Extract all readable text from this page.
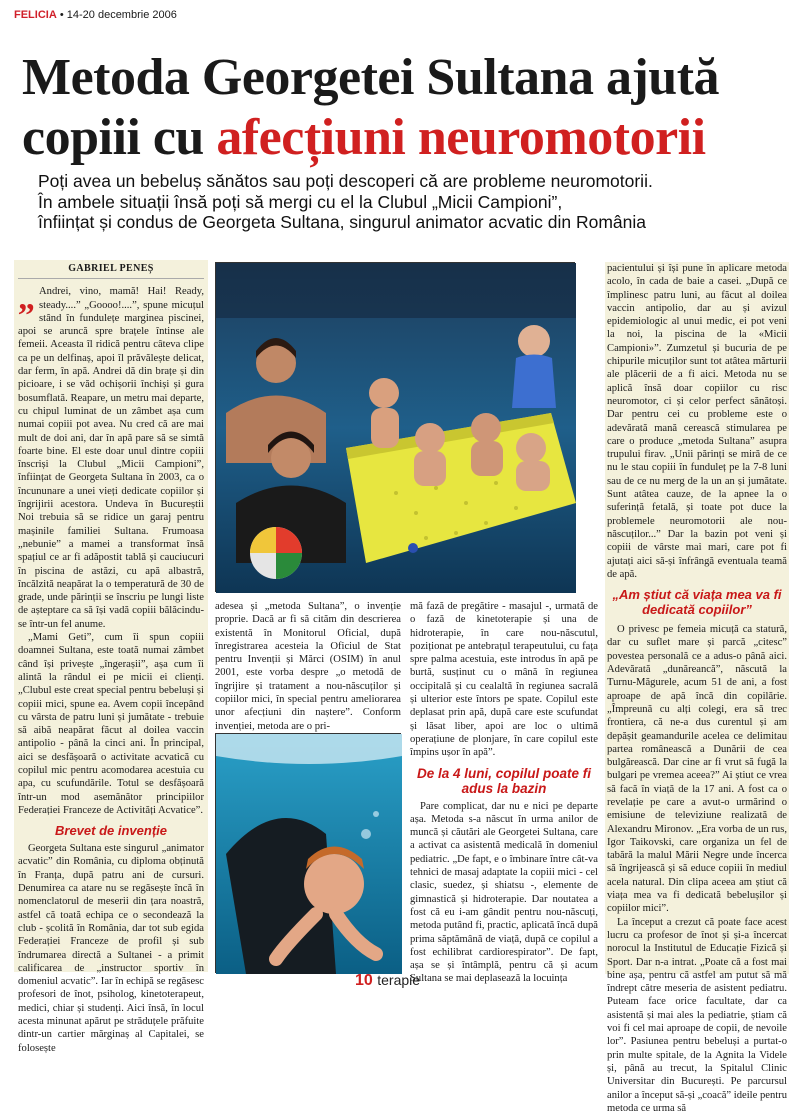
FELICIA • 14-20 decembrie 2006
Metoda Georgetei Sultana ajută
copiii cu afecțiuni neuromotorii
Poți avea un bebeluș sănătos sau poți descoperi că are probleme neuromotorii.
În ambele situații însă poți să mergi cu el la Clubul „Micii Campioni”,
înființat și condus de Georgeta Sultana, singurul animator acvatic din România
GABRIEL PENEȘ
„ Andrei, vino, mamă! Hai! Ready, steady....” „Goooo!....”, spune micuțul stând în fundulețe marginea piscinei, apoi se aruncă spre brațele întinse ale femeii. Aceasta îl ridică pentru câteva clipe ca pe un delfinaș, apoi îl prăvălește delicat, dar ferm, în apă. Andrei dă din brațe și din picioare, i se văd ochișorii închiși și gura bosumflată. Reapare, un metru mai departe, cu chipul luminat de un zâmbet așa cum numai copiii pot avea. Nu cred că are mai mult de doi ani, dar în apă pare să se simtă foarte bine. El este doar unul dintre copiii înscriși la Clubul „Micii Campioni”, înființat de Georgeta Sultana în 2003, ca o încununare a unei vieți dedicate copiilor și îngrijirii acestora. Undeva în Bucureștii Noi trebuia să se ridice un garaj pentru mașinile familiei Sultana. Frumoasa „nebunie” a mamei a transformat însă spațiul ce ar fi adăpostit tablă și cauciucuri în piscina de astăzi, cu apă albastră, încălzită neapărat la o temperatură de 30 de grade, unde părinții se înscriu pe lungi liste de așteptare ca să își vadă copiii bălăcindu-se într-un fel anume.

„Mami Geti”, cum îi spun copiii doamnei Sultana, este toată numai zâmbet când își privește „îngerașii”, așa cum îi alintă la rândul ei pe micii ei clienți. „Clubul este creat special pentru bebeluși și copiii mici, spune ea. Avem copii începând cu vârsta de patru luni și jumătate - trebuie să aibă neapărat făcut al doilea vaccin antipolio - până la cinci ani. În principal, aici se desfășoară o activitate acvatică cu copilul mic pentru acomodarea acestuia cu apa, cu scufundările. Totul se desfășoară într-un mod asemănător principiilor Federației Franceze de Activități Acvatice”.

Brevet de invenție

Georgeta Sultana este singurul „animator acvatic” din România, cu diploma obținută în Franța, după patru ani de cursuri. Denumirea ca atare nu se regăsește încă în nomenclatorul de meserii din țara noastră, astfel că toată echipa ce o secondează la club - școlită în România, dar tot sub egida Federației Franceze de profil și sub îndrumarea directă a Sultanei - a primit calificarea de „instructor sportiv în domeniul acvatic”. Iar în echipă se regăsesc profesori de înot, psiholog, kinetoterapeut, medici, chiar și studenți. Aici însă, în locul acesta minunat apărut pe străduțele prăfuite dintr-un cartier mărginaș al Capitalei, se folosește

adesea și „metoda Sultana”, o invenție proprie. Dacă ar fi să cităm din descrierea existentă în Monitorul Oficial, după înregistrarea acesteia la Oficiul de Stat pentru Invenții și Mărci (OSIM) în anul 2001, este vorba despre „o metodă de îngrijire și tratament a nou-născuților și copiilor mici, în special pentru ameliorarea unor afecțiuni din naștere”. Conform invenției, metoda are o pri-

mă fază de pregătire - masajul -, urmată de o fază de kinetoterapie și una de hidroterapie, în care nou-născutul, poziționat pe antebrațul terapeutului, cu fața spre palma acestuia, este introdus în apă pe burtă, susținut cu o mână în regiunea occipitală și cu cealaltă în regiunea sacrală și ulterior este întors pe spate. Copilul este deplasat prin apă, după care este scufundat și lăsat liber, apoi are loc o ultimă operațiune de plonjare, în care copilul este împins ușor în apă”.

De la 4 luni, copilul poate fi adus la bazin

Pare complicat, dar nu e nici pe departe așa. Metoda s-a născut în urma anilor de muncă și căutări ale Georgetei Sultana, care a activat ca asistentă medicală în domeniul pediatric. „De fapt, e o îmbinare între cât-va tehnici de masaj adaptate la copiii mici - cel clasic, suedez, și shiatsu -, elemente de gimnastică și hidroterapie. Dar noutatea a fost că eu i-am gândit pentru nou-născuți, metoda putând fi, practic, aplicată încă după prima săptămână de viață, după ce copilul a fost echilibrat cardiorespirator”. De fapt, așa se și întâmplă, pentru că și acum Sultana se mai deplasează la locuința

pacientului și își pune în aplicare metoda acolo, în cada de baie a casei. „După ce împlinesc patru luni, au făcut al doilea vaccin antipolio, dar au și avizul epidemiologic al unui medic, ei pot veni la noi, la piscina de la «Micii Campioni»”. Zumzetul și bucuria de pe chipurile micuților sunt tot atâtea mărturii ale plăcerii de a fi aici. Metoda nu se aplică însă doar copiilor cu risc neuromotor, ci și celor perfect sănătoși. Dar pentru cei cu probleme este o adevărată mană cerească stimularea pe care o produce „metoda Sultana” asupra trupului firav. „Unii părinți se miră de ce nu le stau copiii în funduleț pe la 7-8 luni sau de ce nu merg de la un an și jumătate. Sunt atâtea cauze, de la apnee la o suferință fetală, și toate pot duce la problemele neuromotorii ale nou-născuților...” Dar la bazin pot veni și copiii de vârste mai mari, care pot fi ajutați aici să-și înfrângă eventuala teamă de apă.

„Am știut că viața mea va fi dedicată copiilor”

O privesc pe femeia micuță ca statură, dar cu suflet mare și parcă „citesc” povestea personală ce a adus-o până aici. Adevărată „dunăreancă”, născută la Turnu-Măgurele, acum 51 de ani, a fost aproape de apă încă din copilărie. „Împreună cu alți colegi, era să trec frontiera, că ne-a dus curentul și am depășit geamandurile acelea ce delimitau partea românească a Dunării de cea bulgărească. Dar cine ar fi vrut să fugă la bulgari pe vremea aceea?” Ai știut ce vrea să facă în viață de la 17 ani. A fost ca o revelație pe care a avut-o urmărind o emisiune de televiziune realizată de Alexandru Mironov. „Era vorba de un rus, Igor Taikovski, care organiza un fel de tabără la malul Mării Negre unde încerca să îngrijească și să educe copiii în mediul acela natural. Din clipa aceea am știut că viața mea va fi dedicată bebelușilor și copiilor mici”.

La început a crezut că poate face acest lucru ca profesor de înot și și-a încercat norocul la Institutul de Educație Fizică și Sport. Dar n-a intrat. „Poate că a fost mai bine așa, pentru că astfel am putut să mă îndrept către meseria de asistent pediatru. Puteam face orice facultate, dar ca asistentă și mai ales la pediatrie, știam că voi fi cel mai aproape de copii, de nevoile lor”. Pasiunea pentru bebeluși a purtat-o prin multe spitale, de la Agnita la Videle și, până au trecut, la Spitalul Clinic Universitar din București. Pe parcursul anilor a început să-și „coacă” ideile pentru metoda ce urma să

10 terapie
